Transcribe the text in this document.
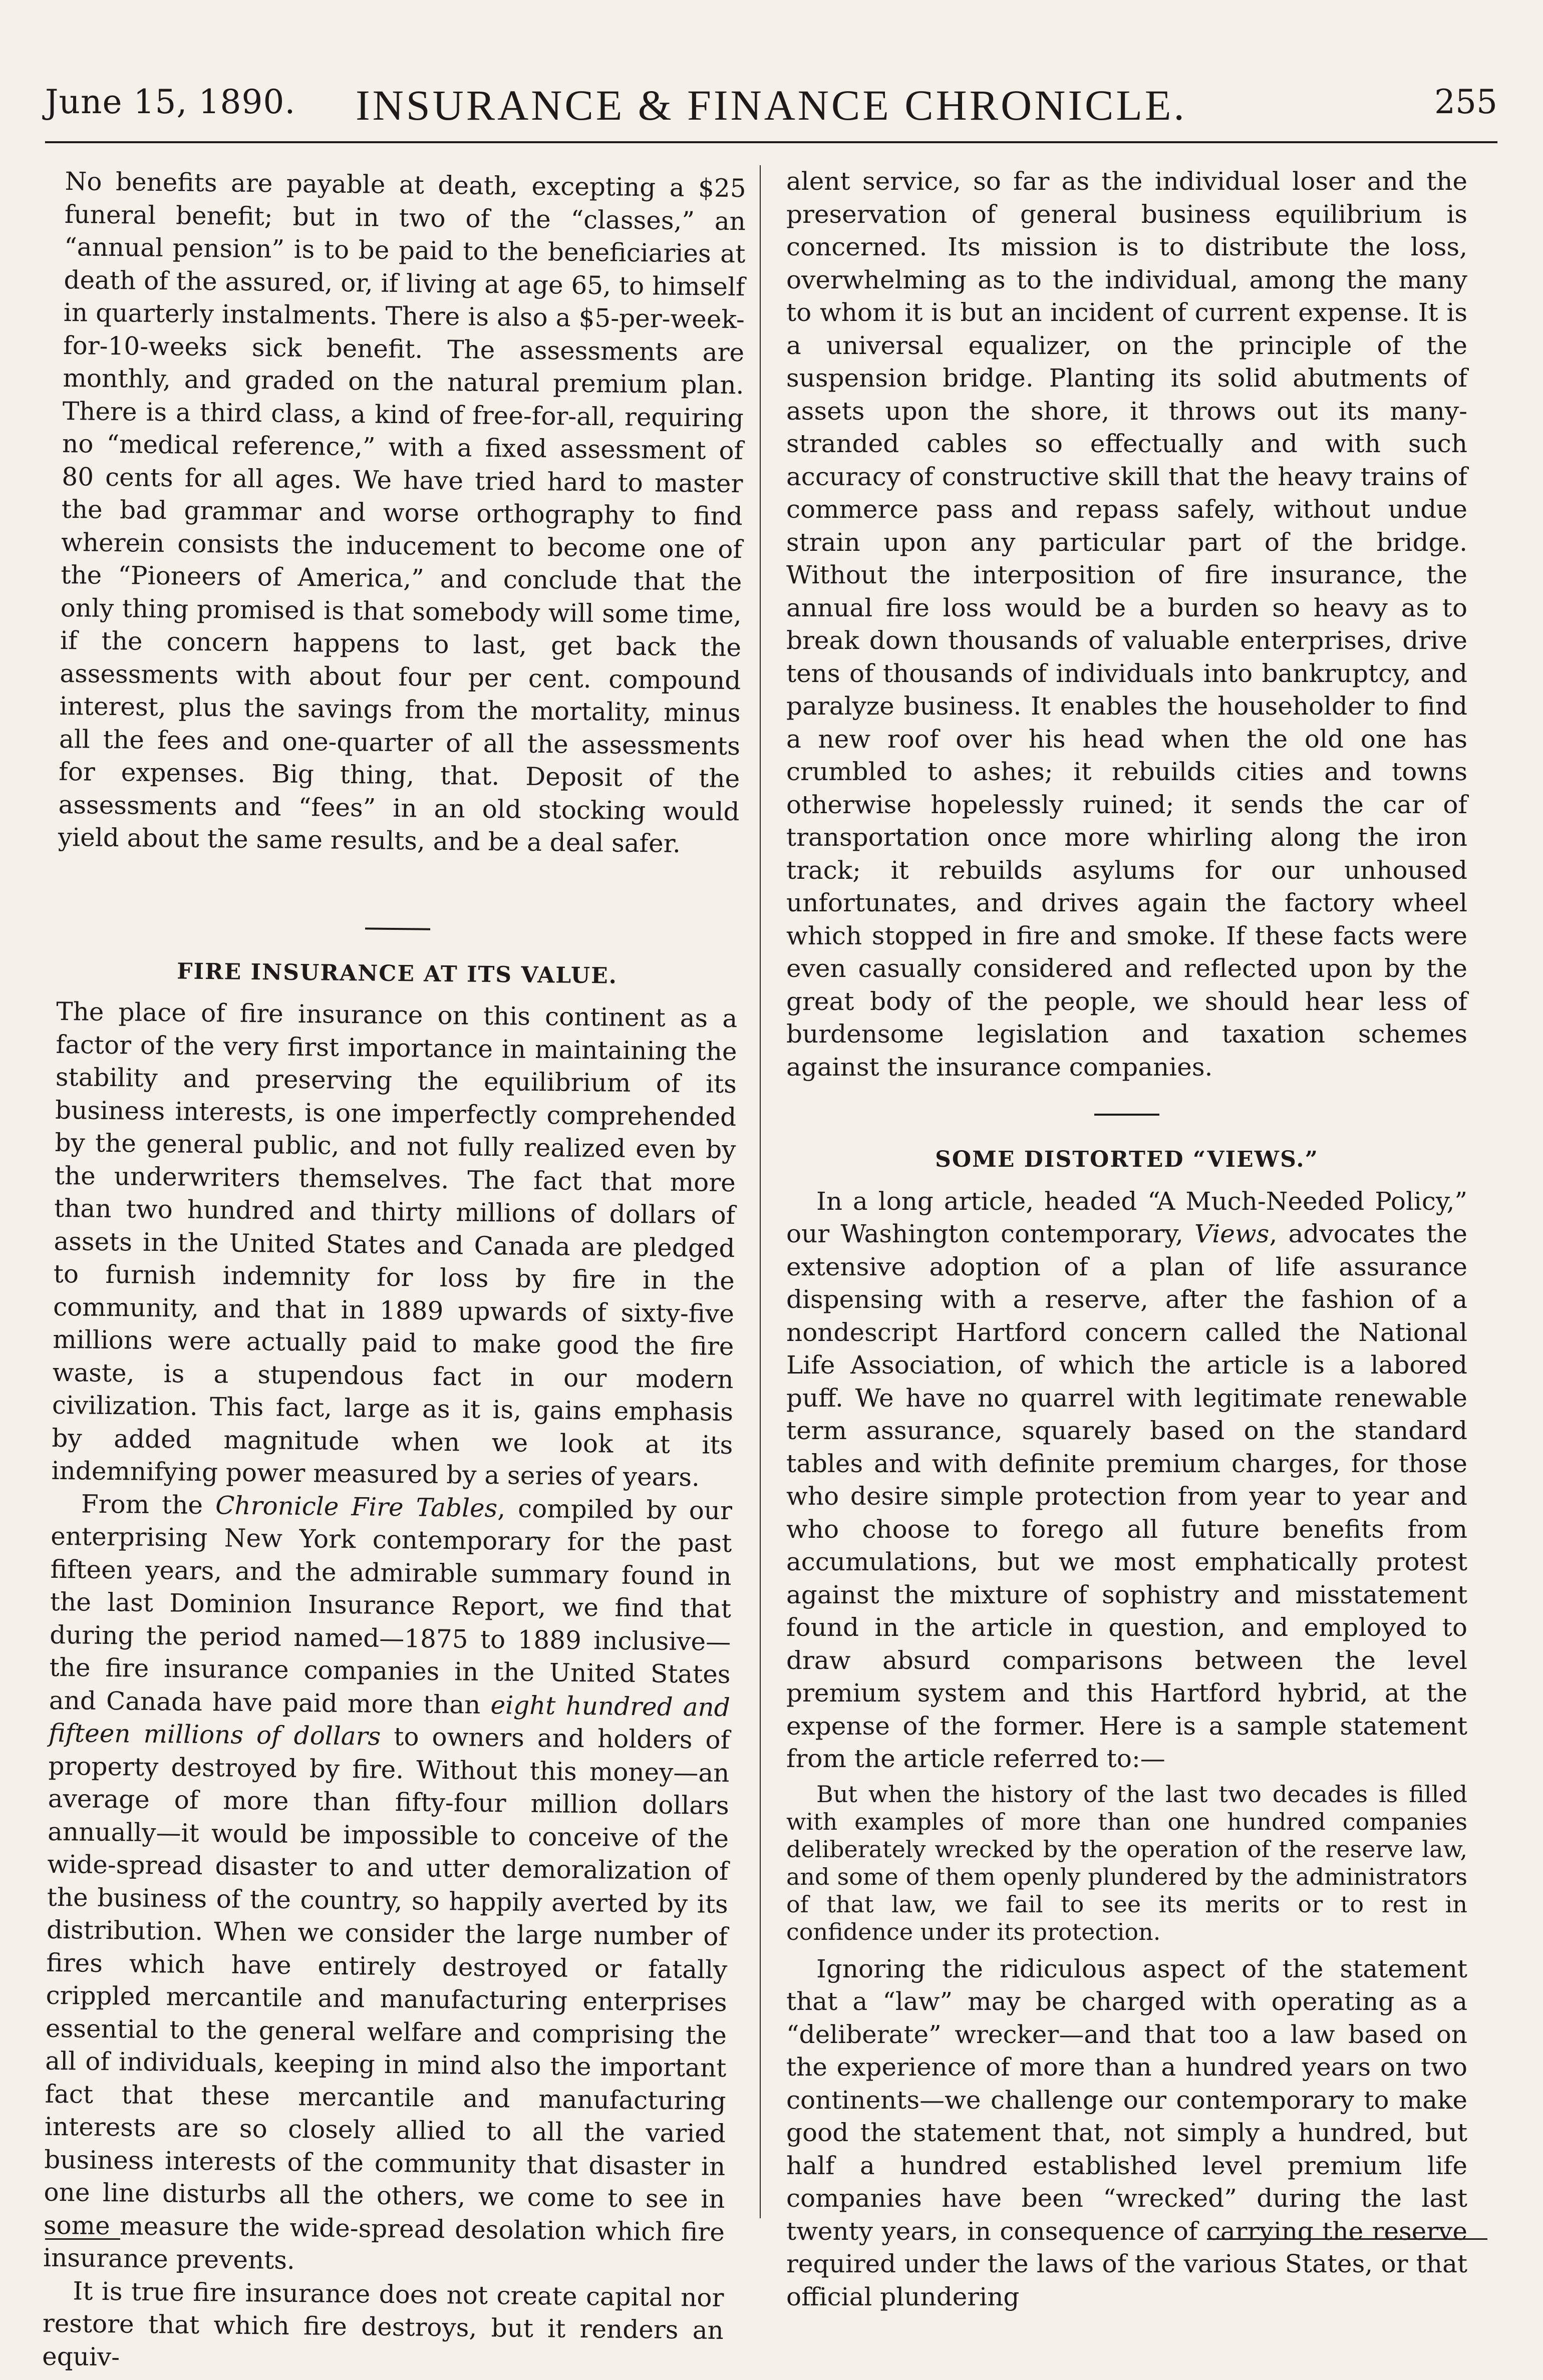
June 15, 1890.	INSURANCE & FINANCE CHRONICLE.	255

No benefits are payable at death, excepting a $25 funeral benefit; but in two of the “classes,” an “annual pension” is to be paid to the beneficiaries at death of the assured, or, if living at age 65, to himself in quarterly instalments. There is also a $5-per-week-for-10-weeks sick benefit. The assessments are monthly, and graded on the natural premium plan. There is a third class, a kind of free-for-all, requiring no “medical reference,” with a fixed assessment of 80 cents for all ages. We have tried hard to master the bad grammar and worse orthography to find wherein consists the inducement to become one of the “Pioneers of America,” and conclude that the only thing promised is that somebody will some time, if the concern happens to last, get back the assessments with about four per cent. compound interest, plus the savings from the mortality, minus all the fees and one-quarter of all the assessments for expenses. Big thing, that. Deposit of the assessments and “fees” in an old stocking would yield about the same results, and be a deal safer.

FIRE INSURANCE AT ITS VALUE.

The place of fire insurance on this continent as a factor of the very first importance in maintaining the stability and preserving the equilibrium of its business interests, is one imperfectly comprehended by the general public, and not fully realized even by the underwriters themselves. The fact that more than two hundred and thirty millions of dollars of assets in the United States and Canada are pledged to furnish indemnity for loss by fire in the community, and that in 1889 upwards of sixty-five millions were actually paid to make good the fire waste, is a stupendous fact in our modern civilization. This fact, large as it is, gains emphasis by added magnitude when we look at its indemnifying power measured by a series of years.

From the Chronicle Fire Tables, compiled by our enterprising New York contemporary for the past fifteen years, and the admirable summary found in the last Dominion Insurance Report, we find that during the period named—1875 to 1889 inclusive—the fire insurance companies in the United States and Canada have paid more than eight hundred and fifteen millions of dollars to owners and holders of property destroyed by fire. Without this money—an average of more than fifty-four million dollars annually—it would be impossible to conceive of the wide-spread disaster to and utter demoralization of the business of the country, so happily averted by its distribution. When we consider the large number of fires which have entirely destroyed or fatally crippled mercantile and manufacturing enterprises essential to the general welfare and comprising the all of individuals, keeping in mind also the important fact that these mercantile and manufacturing interests are so closely allied to all the varied business interests of the community that disaster in one line disturbs all the others, we come to see in some measure the wide-spread desolation which fire insurance prevents.

It is true fire insurance does not create capital nor restore that which fire destroys, but it renders an equiv-

alent service, so far as the individual loser and the preservation of general business equilibrium is concerned. Its mission is to distribute the loss, overwhelming as to the individual, among the many to whom it is but an incident of current expense. It is a universal equalizer, on the principle of the suspension bridge. Planting its solid abutments of assets upon the shore, it throws out its many-stranded cables so effectually and with such accuracy of constructive skill that the heavy trains of commerce pass and repass safely, without undue strain upon any particular part of the bridge. Without the interposition of fire insurance, the annual fire loss would be a burden so heavy as to break down thousands of valuable enterprises, drive tens of thousands of individuals into bankruptcy, and paralyze business. It enables the householder to find a new roof over his head when the old one has crumbled to ashes; it rebuilds cities and towns otherwise hopelessly ruined; it sends the car of transportation once more whirling along the iron track; it rebuilds asylums for our unhoused unfortunates, and drives again the factory wheel which stopped in fire and smoke. If these facts were even casually considered and reflected upon by the great body of the people, we should hear less of burdensome legislation and taxation schemes against the insurance companies.

SOME DISTORTED “VIEWS.”

In a long article, headed “A Much-Needed Policy,” our Washington contemporary, Views, advocates the extensive adoption of a plan of life assurance dispensing with a reserve, after the fashion of a nondescript Hartford concern called the National Life Association, of which the article is a labored puff. We have no quarrel with legitimate renewable term assurance, squarely based on the standard tables and with definite premium charges, for those who desire simple protection from year to year and who choose to forego all future benefits from accumulations, but we most emphatically protest against the mixture of sophistry and misstatement found in the article in question, and employed to draw absurd comparisons between the level premium system and this Hartford hybrid, at the expense of the former. Here is a sample statement from the article referred to:—

But when the history of the last two decades is filled with examples of more than one hundred companies deliberately wrecked by the operation of the reserve law, and some of them openly plundered by the administrators of that law, we fail to see its merits or to rest in confidence under its protection.

Ignoring the ridiculous aspect of the statement that a “law” may be charged with operating as a “deliberate” wrecker—and that too a law based on the experience of more than a hundred years on two continents—we challenge our contemporary to make good the statement that, not simply a hundred, but half a hundred established level premium life companies have been “wrecked” during the last twenty years, in consequence of carrying the reserve required under the laws of the various States, or that official plundering
